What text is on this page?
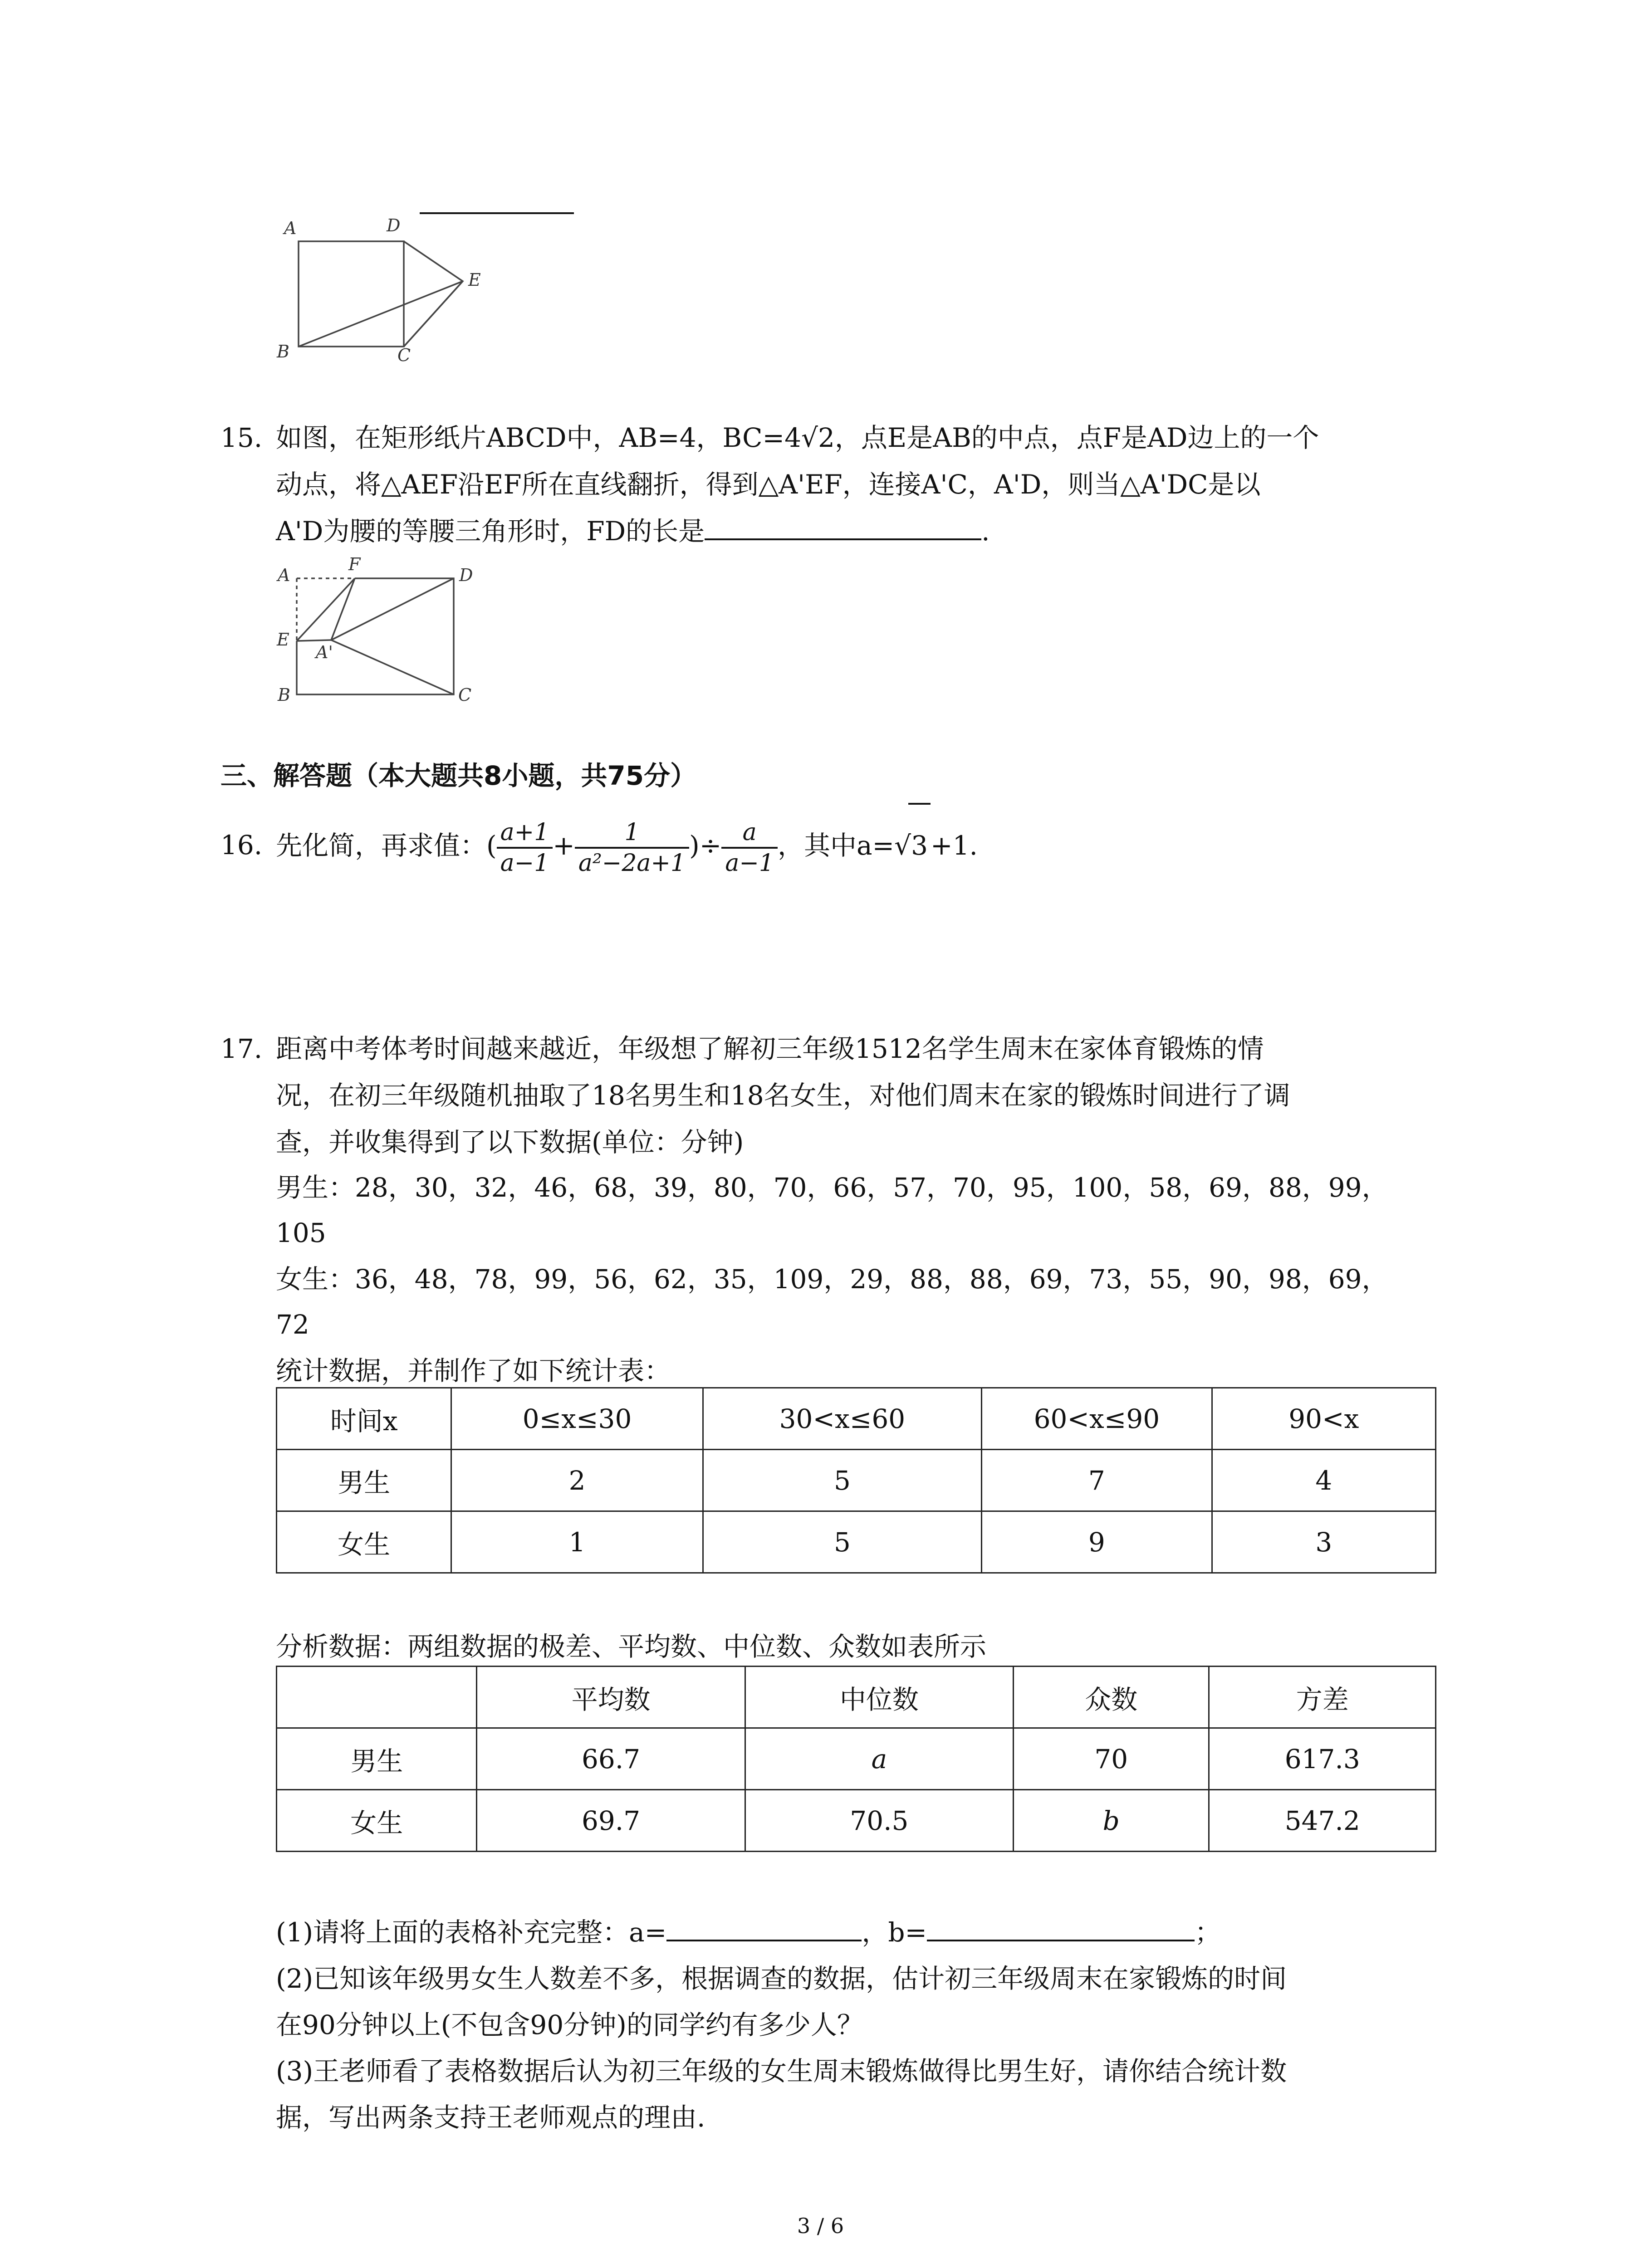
A	D
E
B	C
15. 如图，在矩形纸片ABCD中，AB=4，BC=4√2，点E是AB的中点，点F是AD边上的一个
动点，将△AEF沿EF所在直线翻折，得到△A'EF，连接A'C，A'D，则当△A'DC是以
A'D为腰的等腰三角形时，FD的长是	.
A
F
D
E
A'
B	C
三、解答题（本大题共8小题，共75分）
16. 先化简，再求值：( $\frac{a+1}{a-1} + \frac{1}{\text{a²−2a+1}}$ )÷ $\frac{a}{a-1}$ ，其中a=√3 +1.
17. 距离中考体考时间越来越近，年级想了解初三年级1512名学生周末在家体育锻炼的情
况，在初三年级随机抽取了18名男生和18名女生，对他们周末在家的锻炼时间进行了调
查，并收集得到了以下数据(单位：分钟)
男生：28，30，32，46，68，39，80，70，66，57，70，95，100，58，69，88，99，
105
女生：36，48，78，99，56，62，35，109，29，88，88，69，73，55，90，98，69，
72
统计数据，并制作了如下统计表：
时间x	0≤x≤30	30<x≤60	60<x≤90	90<x
男生	2	5	7	4
女生	1	5	9	3
分析数据：两组数据的极差、平均数、中位数、众数如表所示
	平均数	中位数	众数	方差
男生	66.7	a	70	617.3
女生	69.7	70.5	b	547.2
(1)请将上面的表格补充完整：a=	，b=	；
(2)已知该年级男女生人数差不多，根据调查的数据，估计初三年级周末在家锻炼的时间
在90分钟以上(不包含90分钟)的同学约有多少人？
(3)王老师看了表格数据后认为初三年级的女生周末锻炼做得比男生好，请你结合统计数
据，写出两条支持王老师观点的理由.
3 / 6
